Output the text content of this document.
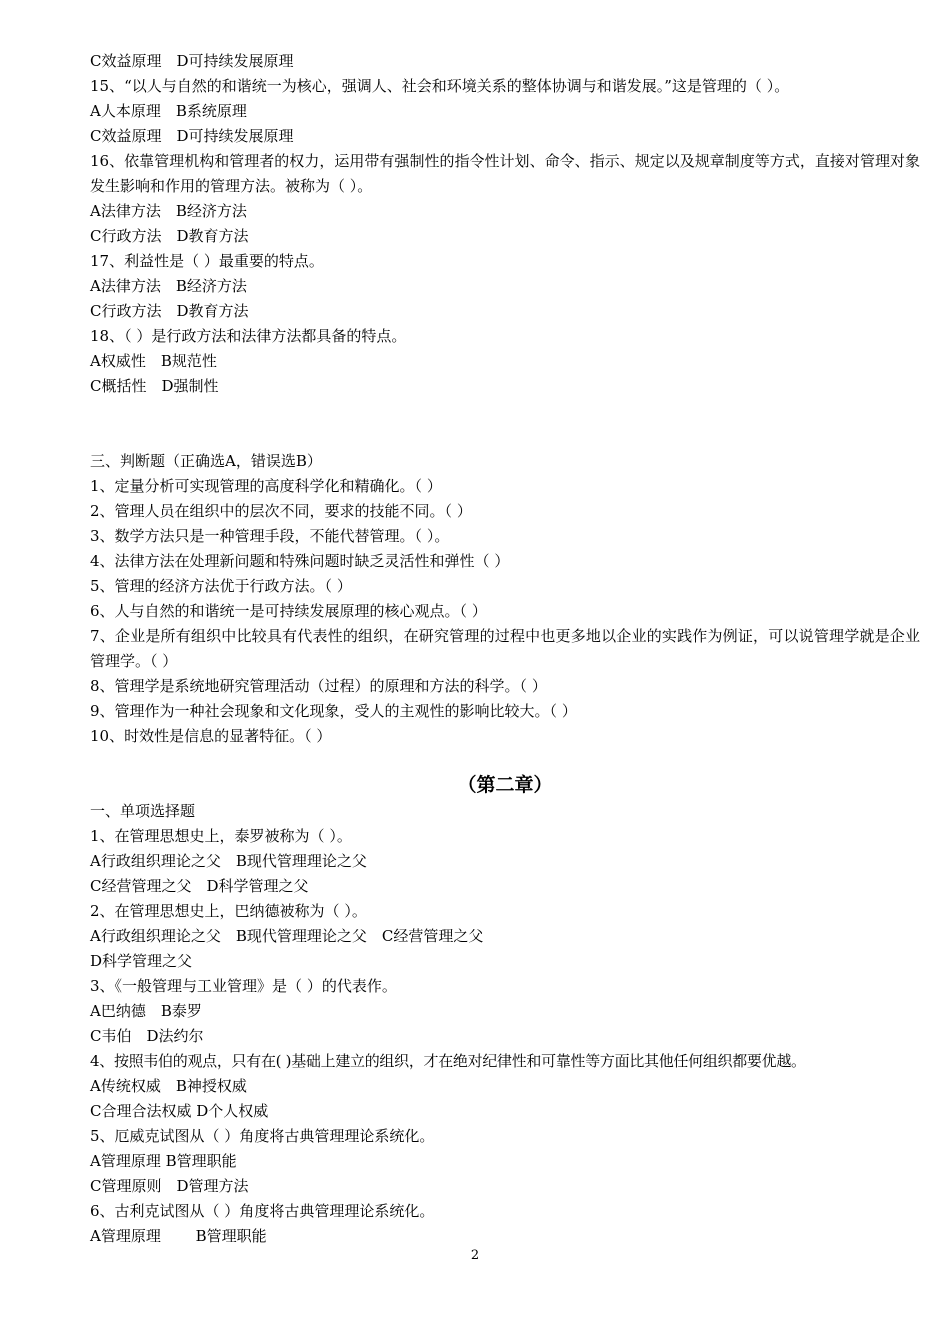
C效益原理　D可持续发展原理
15、“以人与自然的和谐统一为核心，强调人、社会和环境关系的整体协调与和谐发展。”这是管理的（ ）。
A人本原理　B系统原理
C效益原理　D可持续发展原理
16、依靠管理机构和管理者的权力，运用带有强制性的指令性计划、命令、指示、规定以及规章制度等方式，直接对管理对象发生影响和作用的管理方法。被称为（ ）。
A法律方法　B经济方法
C行政方法　D教育方法
17、利益性是（ ）最重要的特点。
A法律方法　B经济方法
C行政方法　D教育方法
18、（ ）是行政方法和法律方法都具备的特点。
A权威性　B规范性
C概括性　D强制性
三、判断题（正确选A，错误选B）
1、定量分析可实现管理的高度科学化和精确化。（ ）
2、管理人员在组织中的层次不同，要求的技能不同。（ ）
3、数学方法只是一种管理手段，不能代替管理。（ ）。
4、法律方法在处理新问题和特殊问题时缺乏灵活性和弹性（ ）
5、管理的经济方法优于行政方法。（ ）
6、人与自然的和谐统一是可持续发展原理的核心观点。（ ）
7、企业是所有组织中比较具有代表性的组织，在研究管理的过程中也更多地以企业的实践作为例证，可以说管理学就是企业管理学。（ ）
8、管理学是系统地研究管理活动（过程）的原理和方法的科学。（ ）
9、管理作为一种社会现象和文化现象，受人的主观性的影响比较大。（ ）
10、时效性是信息的显著特征。（ ）
（第二章）
一、单项选择题
1、在管理思想史上，泰罗被称为（ ）。
A行政组织理论之父　B现代管理理论之父
C经营管理之父　D科学管理之父
2、在管理思想史上，巴纳德被称为（ ）。
A行政组织理论之父　B现代管理理论之父　C经营管理之父
D科学管理之父
3、《一般管理与工业管理》是（ ）的代表作。
A巴纳德　B泰罗
C韦伯　D法约尔
4、按照韦伯的观点，只有在( )基础上建立的组织，才在绝对纪律性和可靠性等方面比其他任何组织都要优越。
A传统权威　B神授权威
C合理合法权威 D个人权威
5、厄威克试图从（ ）角度将古典管理理论系统化。
A管理原理 B管理职能
C管理原则　D管理方法
6、古利克试图从（ ）角度将古典管理理论系统化。
A管理原理　　 B管理职能
2
